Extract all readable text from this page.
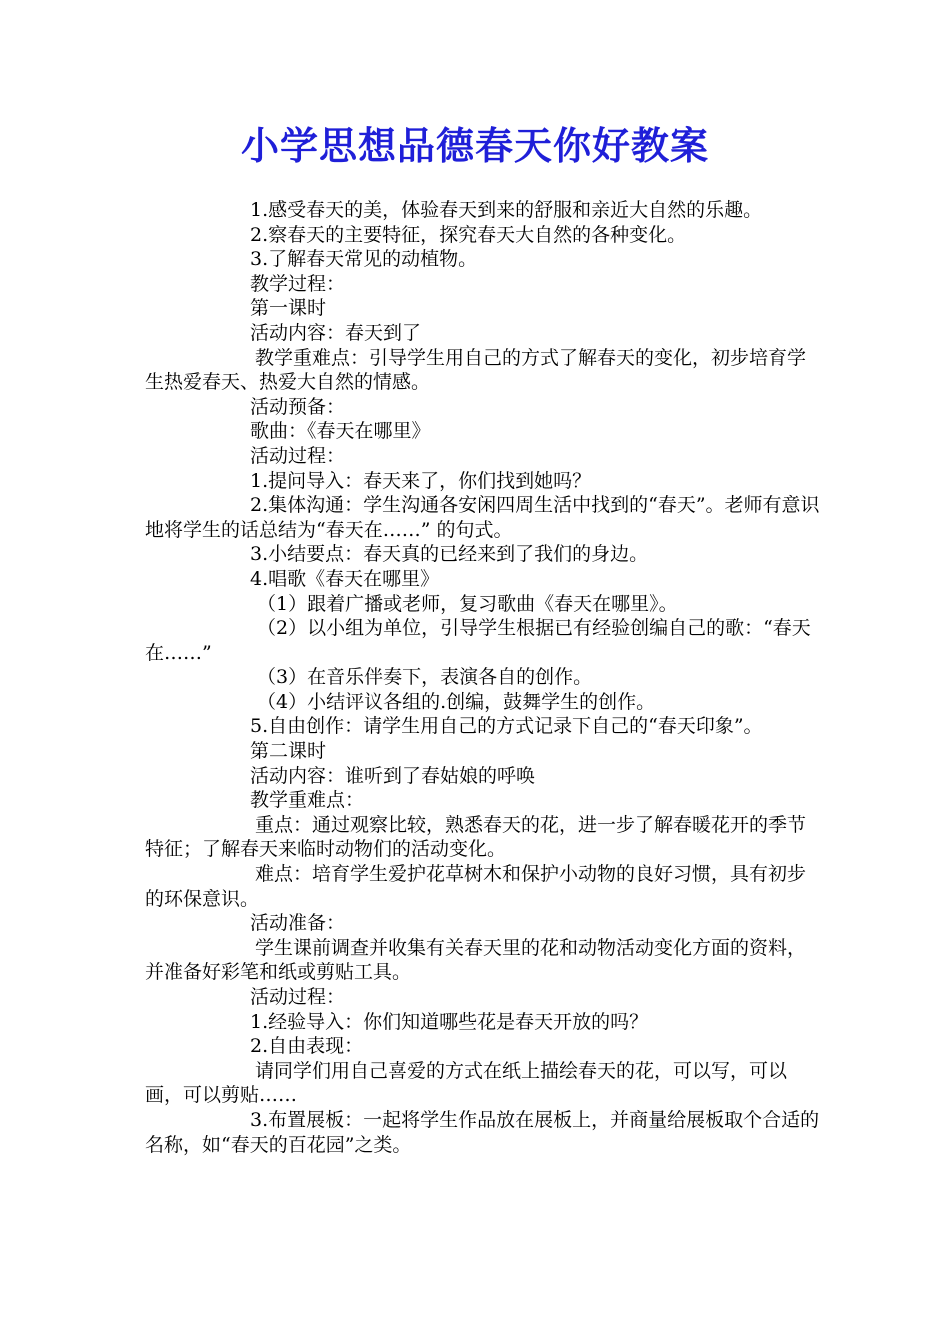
小学思想品德春天你好教案

1.感受春天的美，体验春天到来的舒服和亲近大自然的乐趣。

2.察春天的主要特征，探究春天大自然的各种变化。

3.了解春天常见的动植物。

教学过程：

第一课时

活动内容：春天到了

教学重难点：引导学生用自己的方式了解春天的变化，初步培育学生热爱春天、热爱大自然的情感。

活动预备：

歌曲：《春天在哪里》

活动过程：

1.提问导入：春天来了，你们找到她吗？

2.集体沟通：学生沟通各安闲四周生活中找到的“春天”。老师有意识地将学生的话总结为“春天在……” 的句式。

3.小结要点：春天真的已经来到了我们的身边。

4.唱歌《春天在哪里》

（1）跟着广播或老师，复习歌曲《春天在哪里》。

（2）以小组为单位，引导学生根据已有经验创编自己的歌：“春天在……”

（3）在音乐伴奏下，表演各自的创作。

（4）小结评议各组的.创编，鼓舞学生的创作。

5.自由创作：请学生用自己的方式记录下自己的“春天印象”。

第二课时

活动内容：谁听到了春姑娘的呼唤

教学重难点：

重点：通过观察比较，熟悉春天的花，进一步了解春暖花开的季节特征；了解春天来临时动物们的活动变化。

难点：培育学生爱护花草树木和保护小动物的良好习惯，具有初步的环保意识。

活动准备：

学生课前调查并收集有关春天里的花和动物活动变化方面的资料，并准备好彩笔和纸或剪贴工具。

活动过程：

1.经验导入：你们知道哪些花是春天开放的吗？

2.自由表现：

请同学们用自己喜爱的方式在纸上描绘春天的花，可以写，可以画，可以剪贴……

3.布置展板：一起将学生作品放在展板上，并商量给展板取个合适的名称，如“春天的百花园”之类。
